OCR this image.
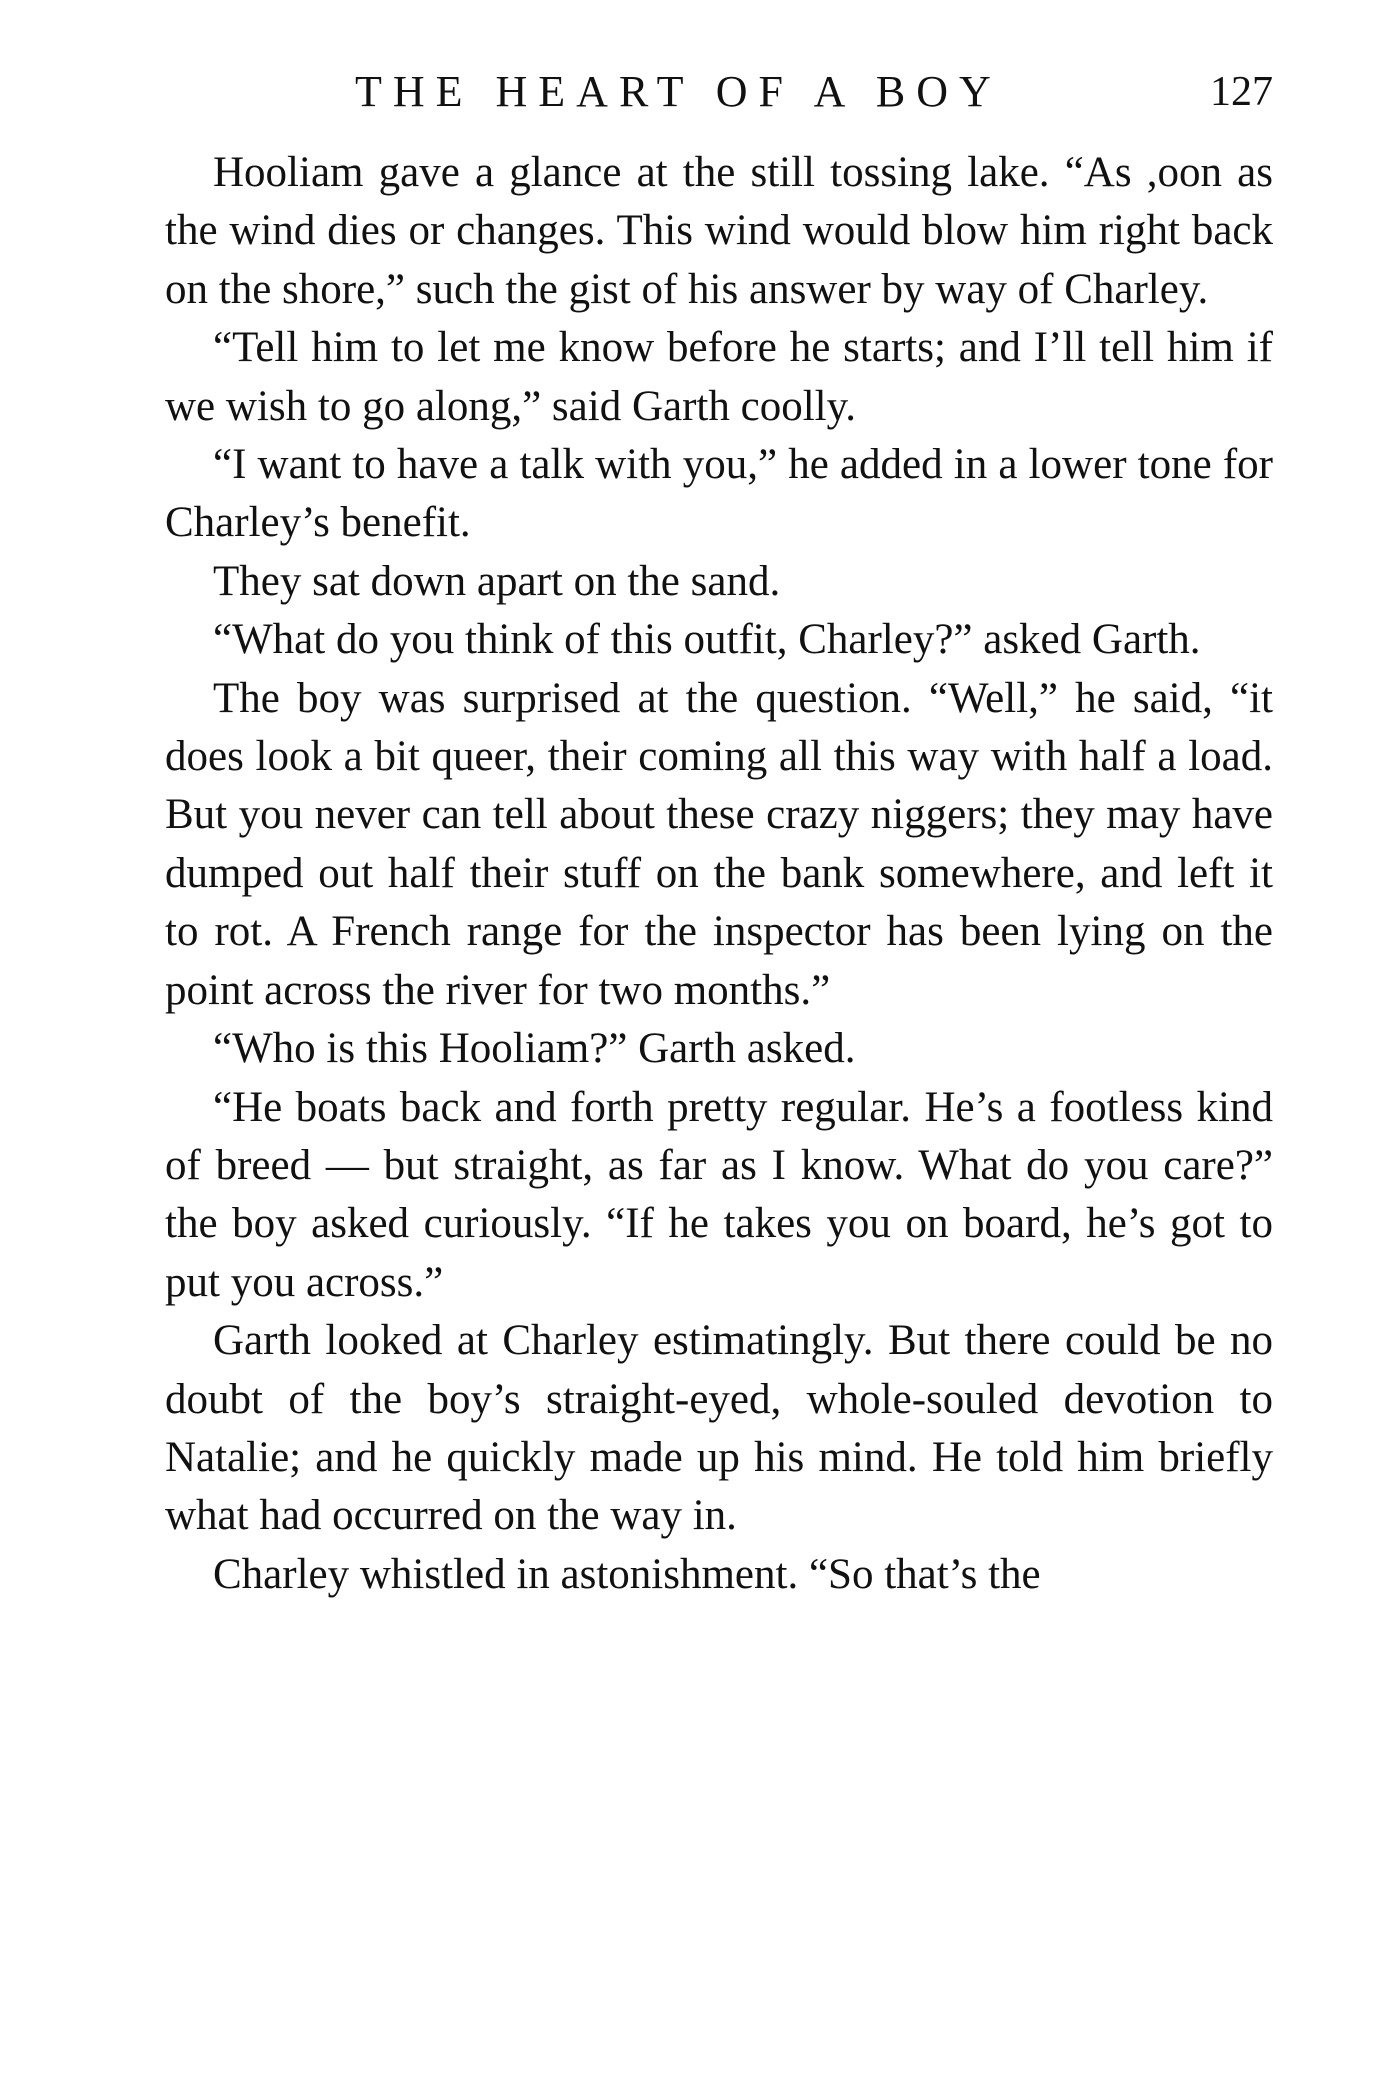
THE HEART OF A BOY	127

Hooliam gave a glance at the still tossing lake. “As ,oon as the wind dies or changes. This wind would blow him right back on the shore,” such the gist of his answer by way of Charley.

“Tell him to let me know before he starts; and I’ll tell him if we wish to go along,” said Garth coolly.

“I want to have a talk with you,” he added in a lower tone for Charley’s benefit.

They sat down apart on the sand.

“What do you think of this outfit, Charley?” asked Garth.

The boy was surprised at the question. “Well,” he said, “it does look a bit queer, their coming all this way with half a load. But you never can tell about these crazy niggers; they may have dumped out half their stuff on the bank somewhere, and left it to rot. A French range for the inspector has been lying on the point across the river for two months.”

“Who is this Hooliam?” Garth asked.

“He boats back and forth pretty regular. He’s a footless kind of breed — but straight, as far as I know. What do you care?” the boy asked curiously. “If he takes you on board, he’s got to put you across.”

Garth looked at Charley estimatingly. But there could be no doubt of the boy’s straight-eyed, whole-souled devotion to Natalie; and he quickly made up his mind. He told him briefly what had occurred on the way in.

Charley whistled in astonishment. “So that’s the
